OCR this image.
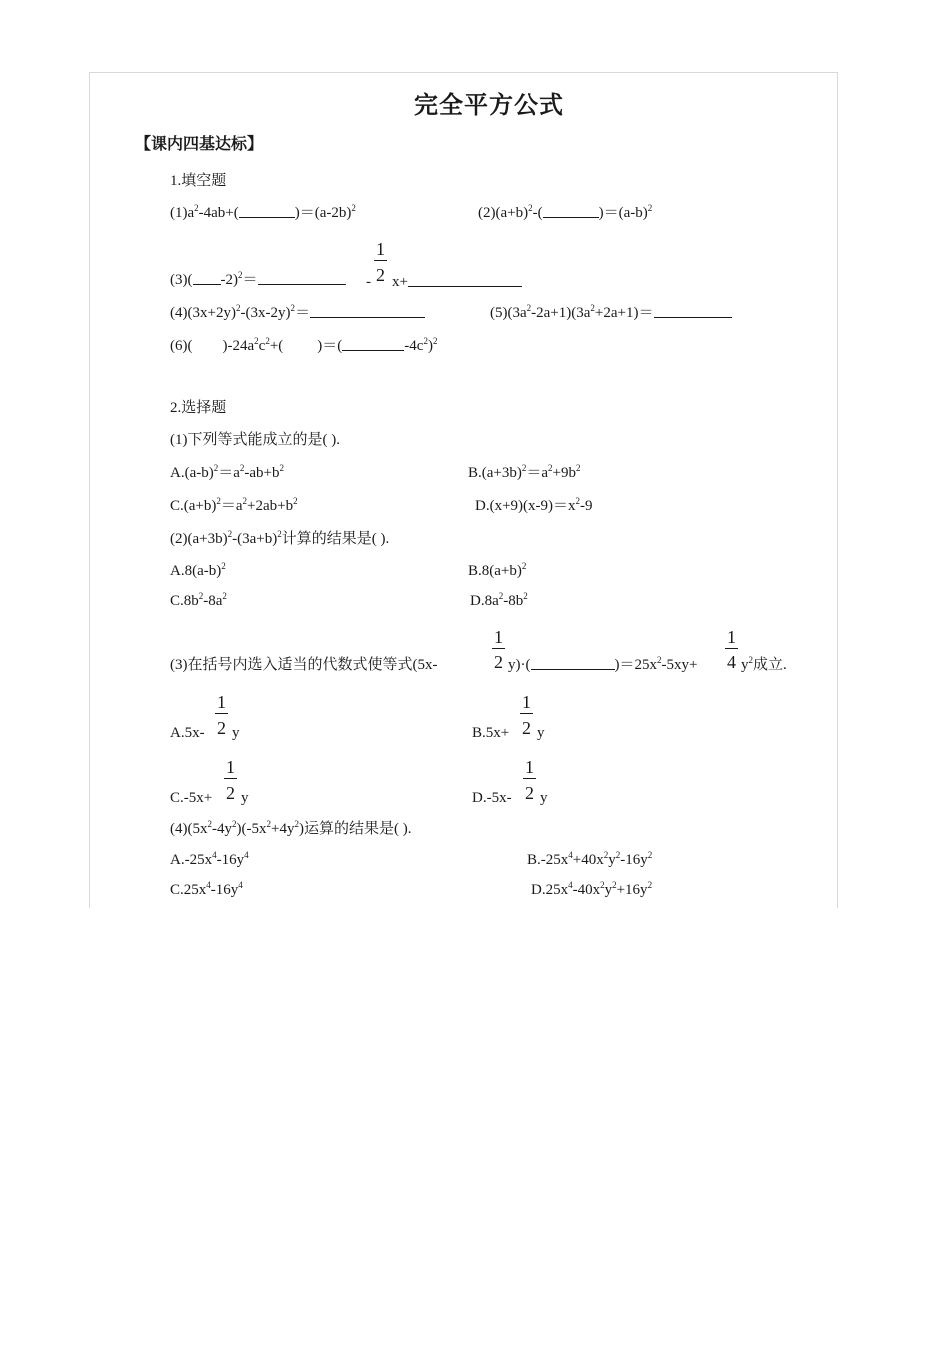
完全平方公式
【课内四基达标】
1.填空题
$(1)a^2-4ab+$(	)$=(a-2b)^2$	$(2)(a+b)^2-$(	)$=(a-b)^2$
1
2
(3)( -2)$^2$＝	- x+
$(4)(3x+2y)^2-(3x-2y)^2=$	$(5)(3a^2-2a+1)(3a^2+2a+1)=$
(6)( )$-24a^2c^2+$( )＝(	$-4c^2)^2$
2.选择题
(1)下列等式能成立的是( ).
$A.(a-b)^2=a^2-ab+b^2$	$B.(a+3b)^2=a^2+9b^2$
$C.(a+b)^2=a^2+2ab+b^2$	$D.(x+9)(x-9)=x^2-9$
$(2)(a+3b)^2-(3a+b)^2$计算的结果是( ).
$A.8(a-b)^2$	$B.8(a+b)^2$
$C.8b^2-8a^2$	$D.8a^2-8b^2$
1
2
1
4
(3)在括号内选入适当的代数式使等式(5x-	y)·(	)$=25x^2-5xy+$	$y^2$成立.
1
2
A.5x- y
1
2
B.5x+ y
1
2
C.-5x+ y
1
2
D.-5x- y
$(4)(5x^2-4y^2)(-5x^2+4y^2)$运算的结果是( ).
$A.-25x^4-16y^4$	$B.-25x^4+40x^2y^2-16y^2$
$C.25x^4-16y^4$	$D.25x^4-40x^2y^2+16y^2$
